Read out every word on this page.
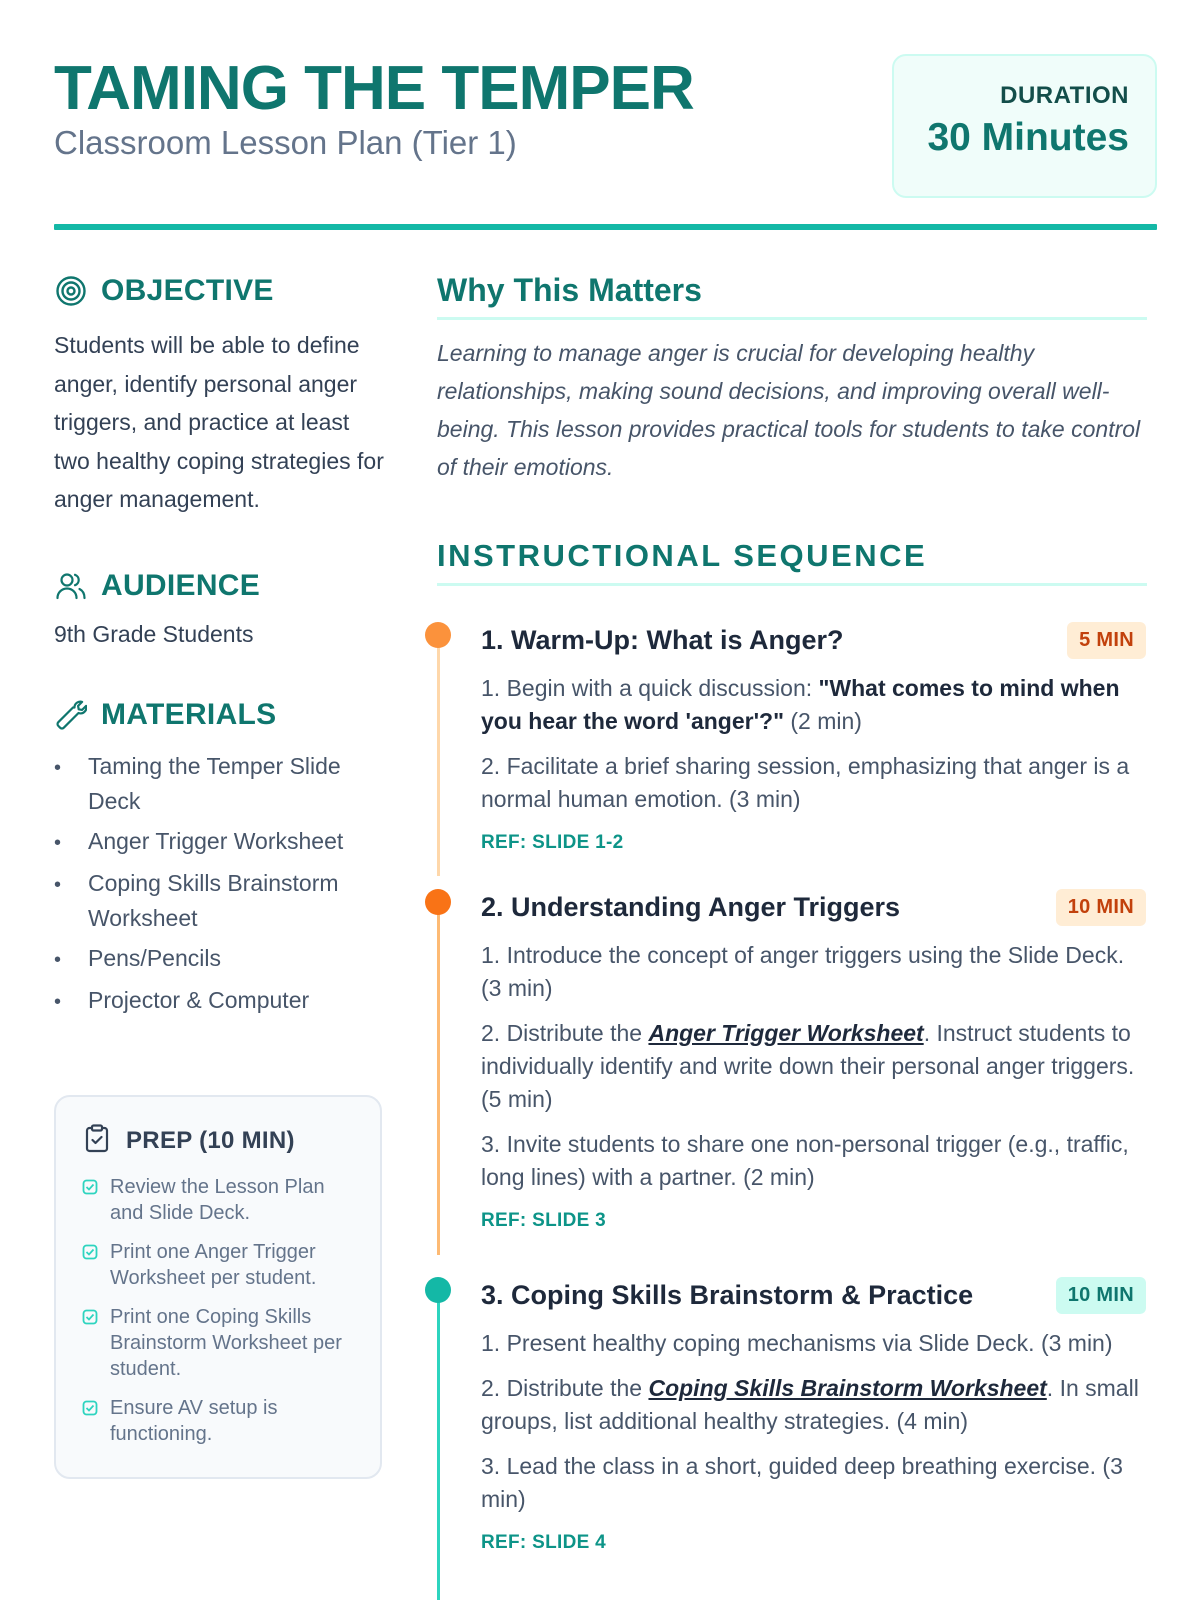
TAMING THE TEMPER
Classroom Lesson Plan (Tier 1)
DURATION
30 Minutes
OBJECTIVE

Students will be able to define anger, identify personal anger triggers, and practice at least two healthy coping strategies for anger management.

AUDIENCE

9th Grade Students

MATERIALS
• Taming the Temper Slide Deck
• Anger Trigger Worksheet
• Coping Skills Brainstorm Worksheet
• Pens/Pencils
• Projector & Computer
PREP (10 MIN)
Review the Lesson Plan and Slide Deck.
Print one Anger Trigger Worksheet per student.
Print one Coping Skills Brainstorm Worksheet per student.
Ensure AV setup is functioning.
Why This Matters

Learning to manage anger is crucial for developing healthy relationships, making sound decisions, and improving overall well-being. This lesson provides practical tools for students to take control of their emotions.

INSTRUCTIONAL SEQUENCE
1. Warm-Up: What is Anger?	5 MIN

1. Begin with a quick discussion: "What comes to mind when you hear the word 'anger'?" (2 min)

2. Facilitate a brief sharing session, emphasizing that anger is a normal human emotion. (3 min)

REF: SLIDE 1-2
2. Understanding Anger Triggers	10 MIN

1. Introduce the concept of anger triggers using the Slide Deck. (3 min)

2. Distribute the Anger Trigger Worksheet. Instruct students to individually identify and write down their personal anger triggers. (5 min)

3. Invite students to share one non-personal trigger (e.g., traffic, long lines) with a partner. (2 min)

REF: SLIDE 3
3. Coping Skills Brainstorm & Practice	10 MIN

1. Present healthy coping mechanisms via Slide Deck. (3 min)

2. Distribute the Coping Skills Brainstorm Worksheet. In small groups, list additional healthy strategies. (4 min)

3. Lead the class in a short, guided deep breathing exercise. (3 min)

REF: SLIDE 4
